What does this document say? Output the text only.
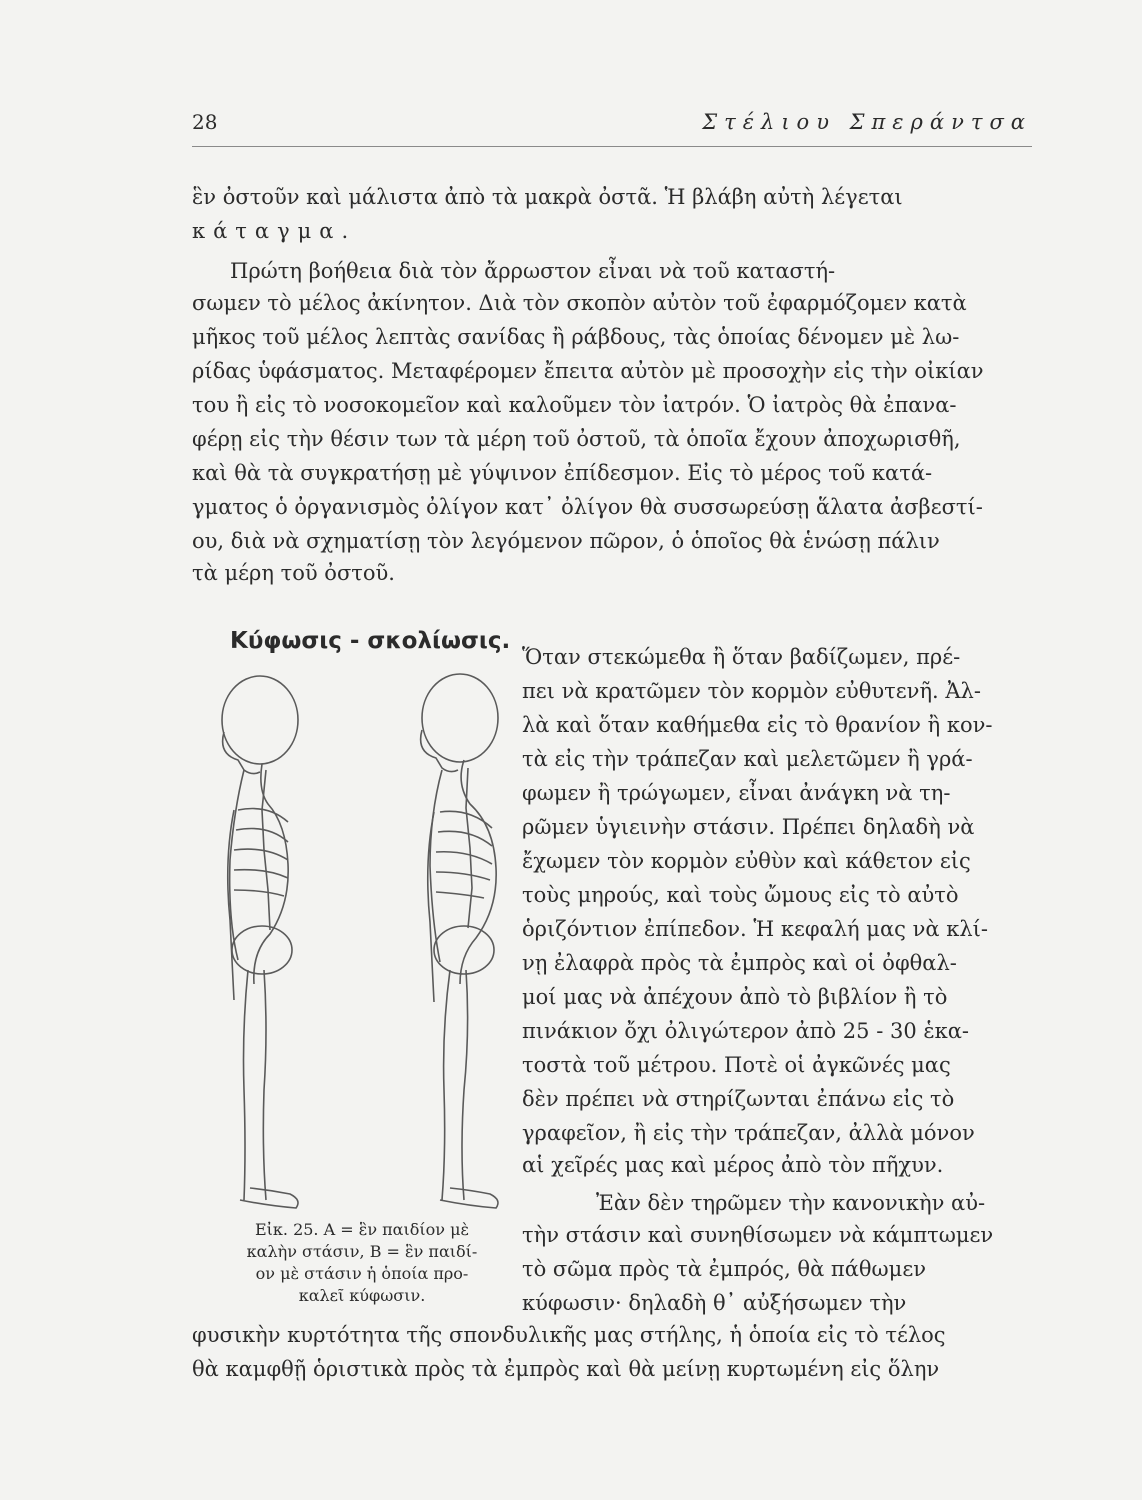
28	Στέλιου Σπεράντσα
ἓν ὀστοῦν καὶ μάλιστα ἀπὸ τὰ μακρὰ ὀστᾶ. Ἡ βλάβη αὐτὴ λέγεται
κάταγμα.
Πρώτη βοήθεια διὰ τὸν ἄρρωστον εἶναι νὰ τοῦ καταστή-
σωμεν τὸ μέλος ἀκίνητον. Διὰ τὸν σκοπὸν αὐτὸν τοῦ ἐφαρμόζομεν κατὰ
μῆκος τοῦ μέλος λεπτὰς σανίδας ἢ ράβδους, τὰς ὁποίας δένομεν μὲ λω-
ρίδας ὑφάσματος. Μεταφέρομεν ἔπειτα αὐτὸν μὲ προσοχὴν εἰς τὴν οἰκίαν
του ἢ εἰς τὸ νοσοκομεῖον καὶ καλοῦμεν τὸν ἰατρόν. Ὁ ἰατρὸς θὰ ἐπανα-
φέρῃ εἰς τὴν θέσιν των τὰ μέρη τοῦ ὀστοῦ, τὰ ὁποῖα ἔχουν ἀποχωρισθῆ,
καὶ θὰ τὰ συγκρατήσῃ μὲ γύψινον ἐπίδεσμον. Εἰς τὸ μέρος τοῦ κατά-
γματος ὁ ὀργανισμὸς ὀλίγον κατ᾽ ὀλίγον θὰ συσσωρεύσῃ ἅλατα ἀσβεστί-
ου, διὰ νὰ σχηματίσῃ τὸν λεγόμενον πῶρον, ὁ ὁποῖος θὰ ἑνώσῃ πάλιν
τὰ μέρη τοῦ ὀστοῦ.
Κύφωσις - σκολίωσις.
Ὅταν στεκώμεθα ἢ ὅταν βαδίζωμεν, πρέ-
πει νὰ κρατῶμεν τὸν κορμὸν εὐθυτενῆ. Ἀλ-
λὰ καὶ ὅταν καθήμεθα εἰς τὸ θρανίον ἢ κον-
τὰ εἰς τὴν τράπεζαν καὶ μελετῶμεν ἢ γρά-
φωμεν ἢ τρώγωμεν, εἶναι ἀνάγκη νὰ τη-
ρῶμεν ὑγιεινὴν στάσιν. Πρέπει δηλαδὴ νὰ
ἔχωμεν τὸν κορμὸν εὐθὺν καὶ κάθετον εἰς
τοὺς μηρούς, καὶ τοὺς ὤμους εἰς τὸ αὐτὸ
ὁριζόντιον ἐπίπεδον. Ἡ κεφαλή μας νὰ κλί-
νῃ ἐλαφρὰ πρὸς τὰ ἐμπρὸς καὶ οἱ ὀφθαλ-
μοί μας νὰ ἀπέχουν ἀπὸ τὸ βιβλίον ἢ τὸ
πινάκιον ὄχι ὀλιγώτερον ἀπὸ 25 - 30 ἑκα-
τοστὰ τοῦ μέτρου. Ποτὲ οἱ ἀγκῶνές μας
δὲν πρέπει νὰ στηρίζωνται ἐπάνω εἰς τὸ
γραφεῖον, ἢ εἰς τὴν τράπεζαν, ἀλλὰ μόνον
αἱ χεῖρές μας καὶ μέρος ἀπὸ τὸν πῆχυν.
Ἐὰν δὲν τηρῶμεν τὴν κανονικὴν αὐ-
τὴν στάσιν καὶ συνηθίσωμεν νὰ κάμπτωμεν
τὸ σῶμα πρὸς τὰ ἐμπρός, θὰ πάθωμεν
κύφωσιν· δηλαδὴ θ᾽ αὐξήσωμεν τὴν
Εἰκ. 25. Α = ἓν παιδίον μὲ
καλὴν στάσιν, Β = ἓν παιδί-
ον μὲ στάσιν ἡ ὁποία προ-
καλεῖ κύφωσιν.
φυσικὴν κυρτότητα τῆς σπονδυλικῆς μας στήλης, ἡ ὁποία εἰς τὸ τέλος
θὰ καμφθῇ ὁριστικὰ πρὸς τὰ ἐμπρὸς καὶ θὰ μείνῃ κυρτωμένη εἰς ὅλην
